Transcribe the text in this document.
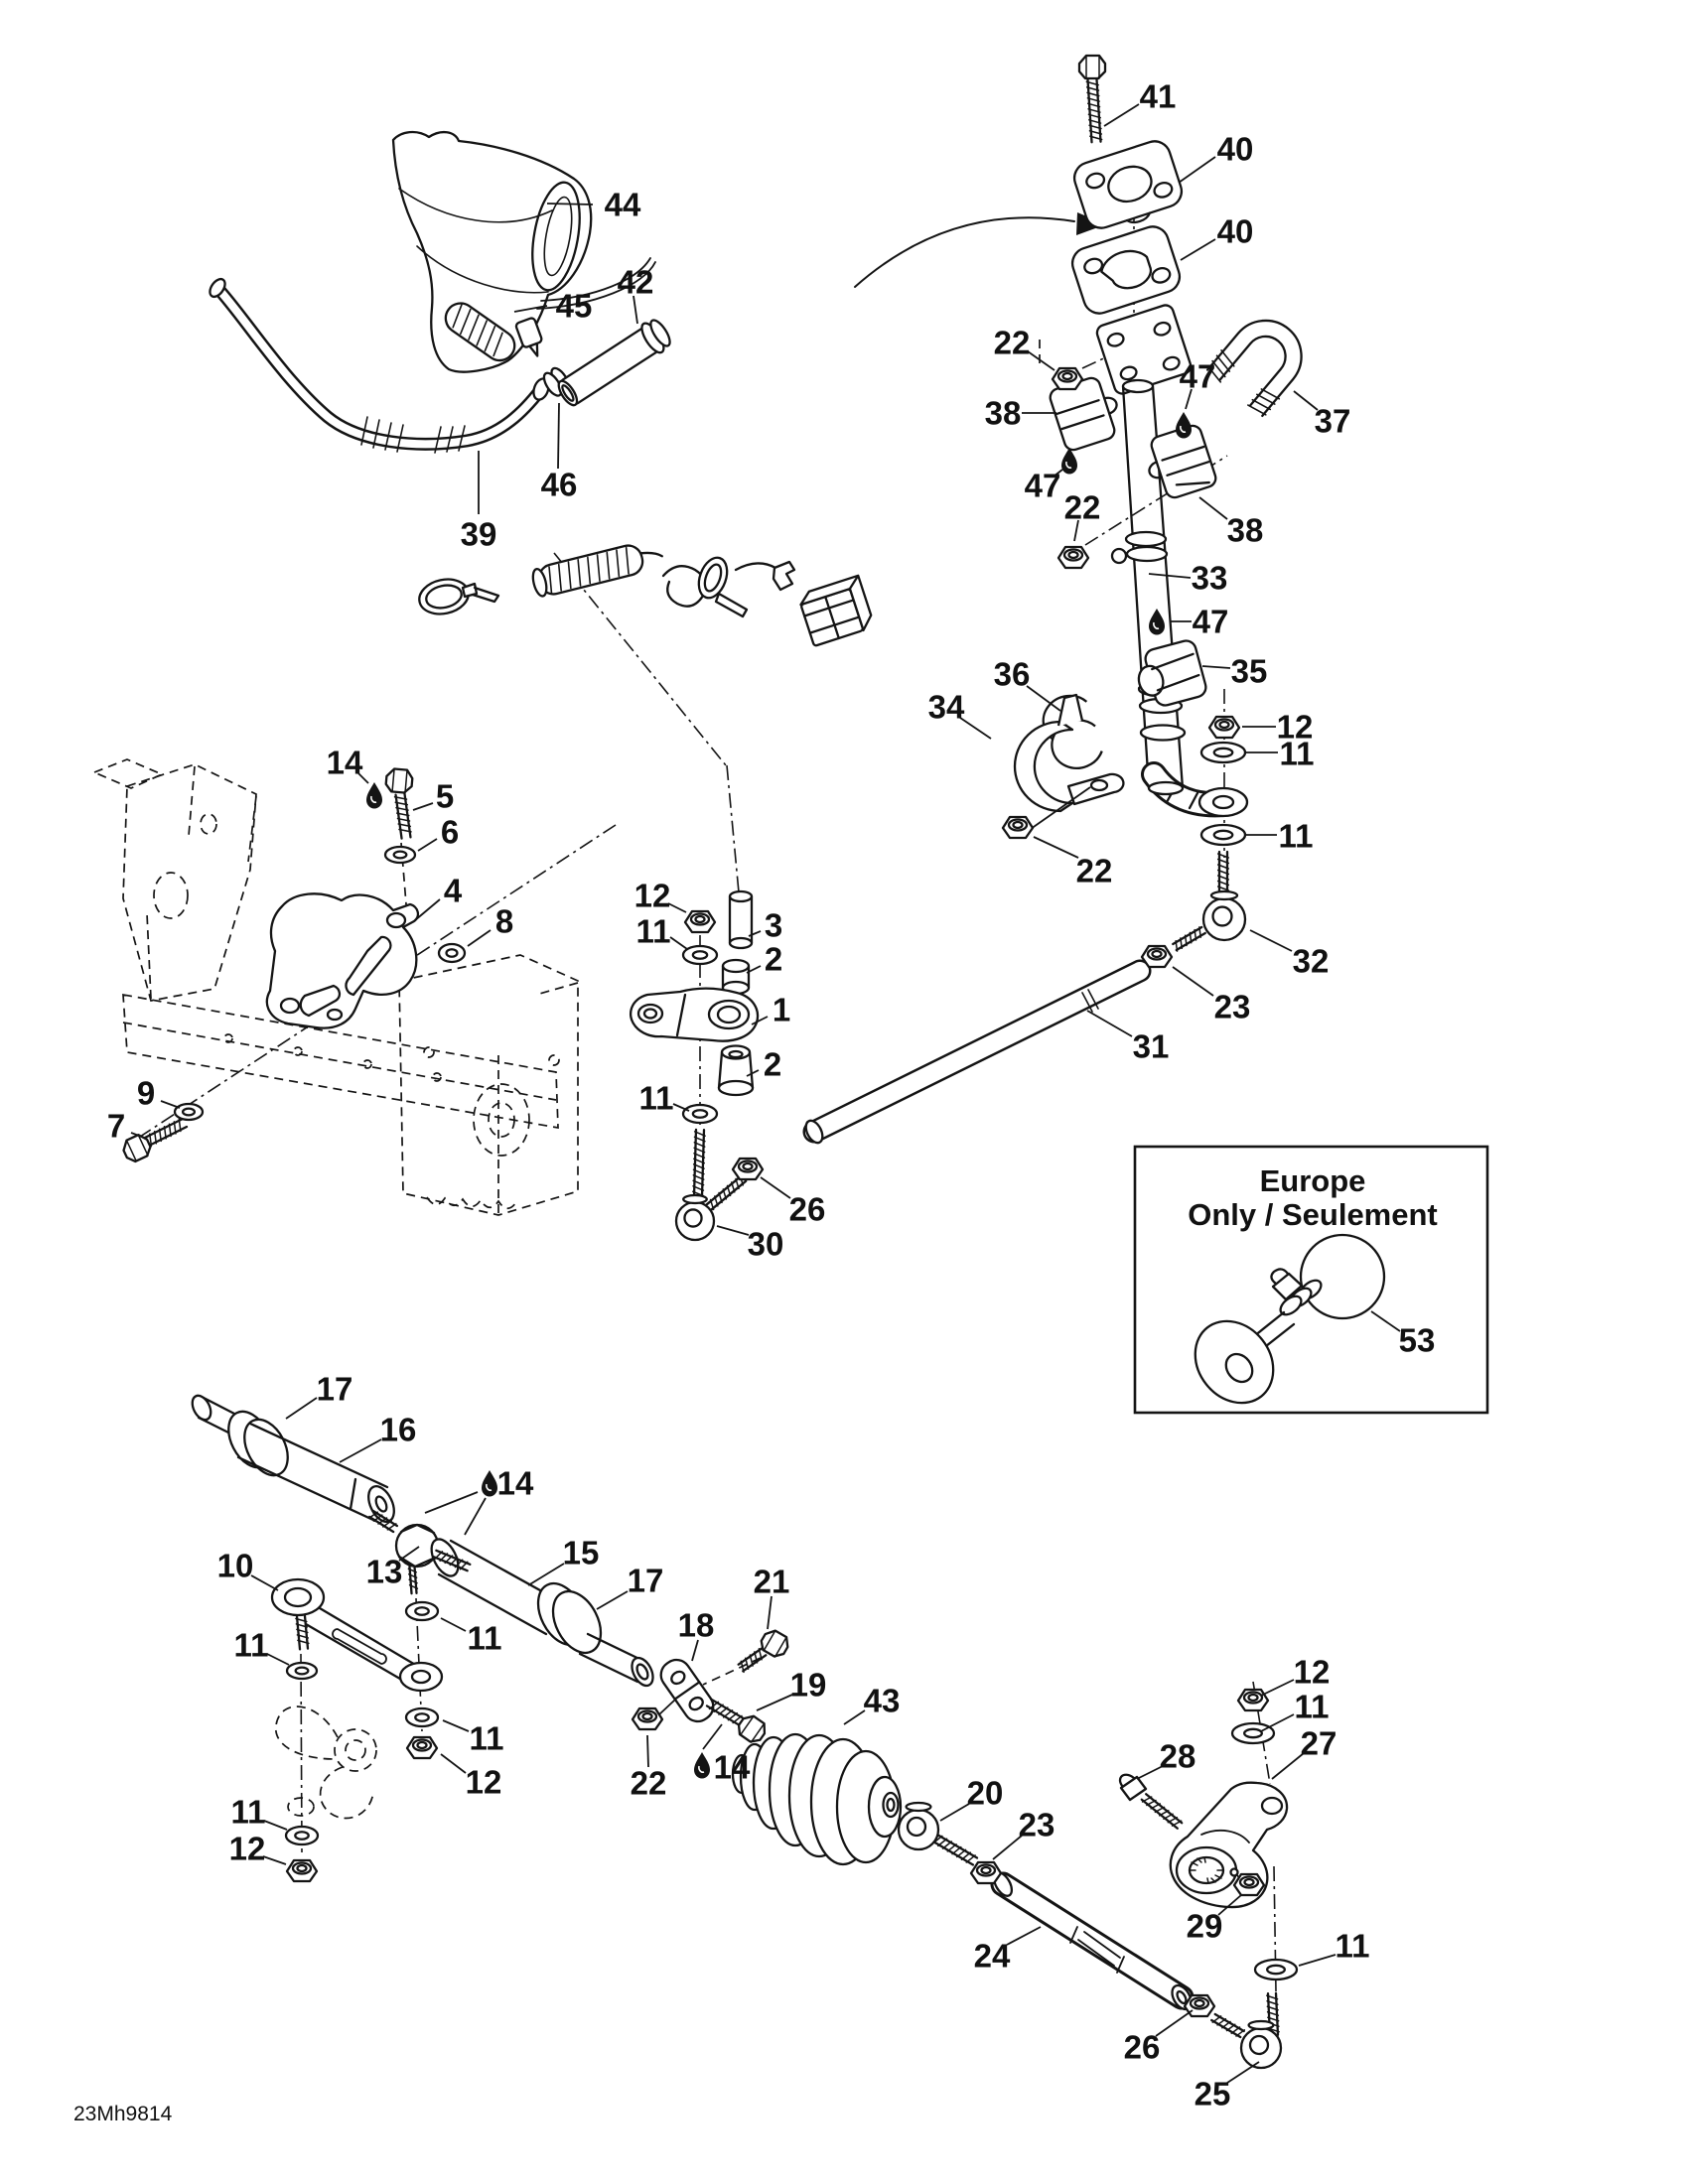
Europe
Only / Seulement
44
45
42
46
39
41
40
40
22
47
37
38
47
22
38
33
47
35
36
34
12
11
11
22
32
23
31
14
5
6
4
8
12
11	3
2
1
2
11
9
7
26
30
17
16
14
13
10	15
17
11
11
11
12	22
21
18
19
14
43
20
23
24
29
28	27
12
11
11
26
25
11
12
53
23Mh9814
